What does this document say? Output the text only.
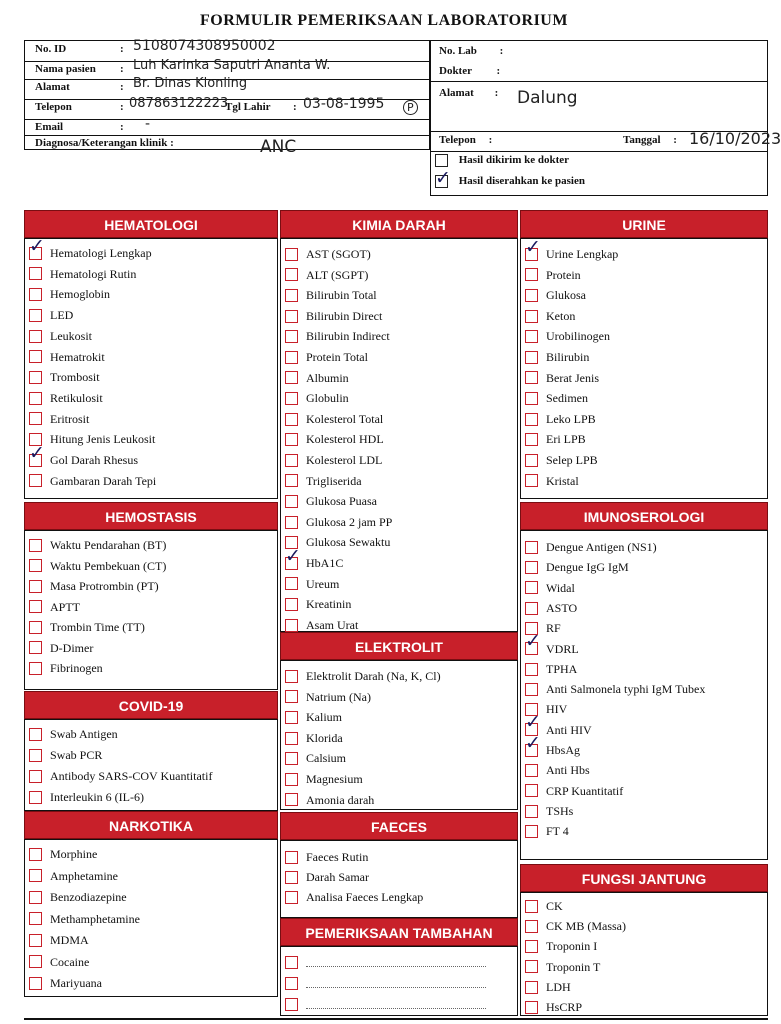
FORMULIR PEMERIKSAAN LABORATORIUM
No. ID	: 5108074308950002
Nama pasien : Luh Karinka Saputri Ananta W.
Alamat	: Br. Dinas Klonling
Telepon	: 087863122223
Tgl Lahir : 03-08-1995	P
Email	: -
Diagnosa/Keterangan klinik :	ANC
No. Lab :
Dokter :
Alamat : Dalung
Telepon :	Tanggal : 16/10/2023
Hasil dikirim ke dokter
✓ Hasil diserahkan ke pasien
HEMATOLOGI
✓Hematologi Lengkap
Hematologi Rutin
Hemoglobin
LED
Leukosit
Hematrokit
Trombosit
Retikulosit
Eritrosit
Hitung Jenis Leukosit
✓Gol Darah Rhesus
Gambaran Darah Tepi
HEMOSTASIS
Waktu Pendarahan (BT)
Waktu Pembekuan (CT)
Masa Protrombin (PT)
APTT
Trombin Time (TT)
D-Dimer
Fibrinogen
COVID-19
Swab Antigen
Swab PCR
Antibody SARS-COV Kuantitatif
Interleukin 6 (IL-6)
NARKOTIKA
Morphine
Amphetamine
Benzodiazepine
Methamphetamine
MDMA
Cocaine
Mariyuana
KIMIA DARAH
AST (SGOT)
ALT (SGPT)
Bilirubin Total
Bilirubin Direct
Bilirubin Indirect
Protein Total
Albumin
Globulin
Kolesterol Total
Kolesterol HDL
Kolesterol LDL
Trigliserida
Glukosa Puasa
Glukosa 2 jam PP
Glukosa Sewaktu
✓HbA1C
Ureum
Kreatinin
Asam Urat
ELEKTROLIT
Elektrolit Darah (Na, K, Cl)
Natrium (Na)
Kalium
Klorida
Calsium
Magnesium
Amonia darah
FAECES
Faeces Rutin
Darah Samar
Analisa Faeces Lengkap
PEMERIKSAAN TAMBAHAN
URINE
✓Urine Lengkap
Protein
Glukosa
Keton
Urobilinogen
Bilirubin
Berat Jenis
Sedimen
Leko LPB
Eri LPB
Selep LPB
Kristal
IMUNOSEROLOGI
Dengue Antigen (NS1)
Dengue IgG IgM
Widal
ASTO
RF
✓VDRL
TPHA
Anti Salmonela typhi IgM Tubex
HIV
✓Anti HIV
✓HbsAg
Anti Hbs
CRP Kuantitatif
TSHs
FT 4
FUNGSI JANTUNG
CK
CK MB (Massa)
Troponin I
Troponin T
LDH
HsCRP
